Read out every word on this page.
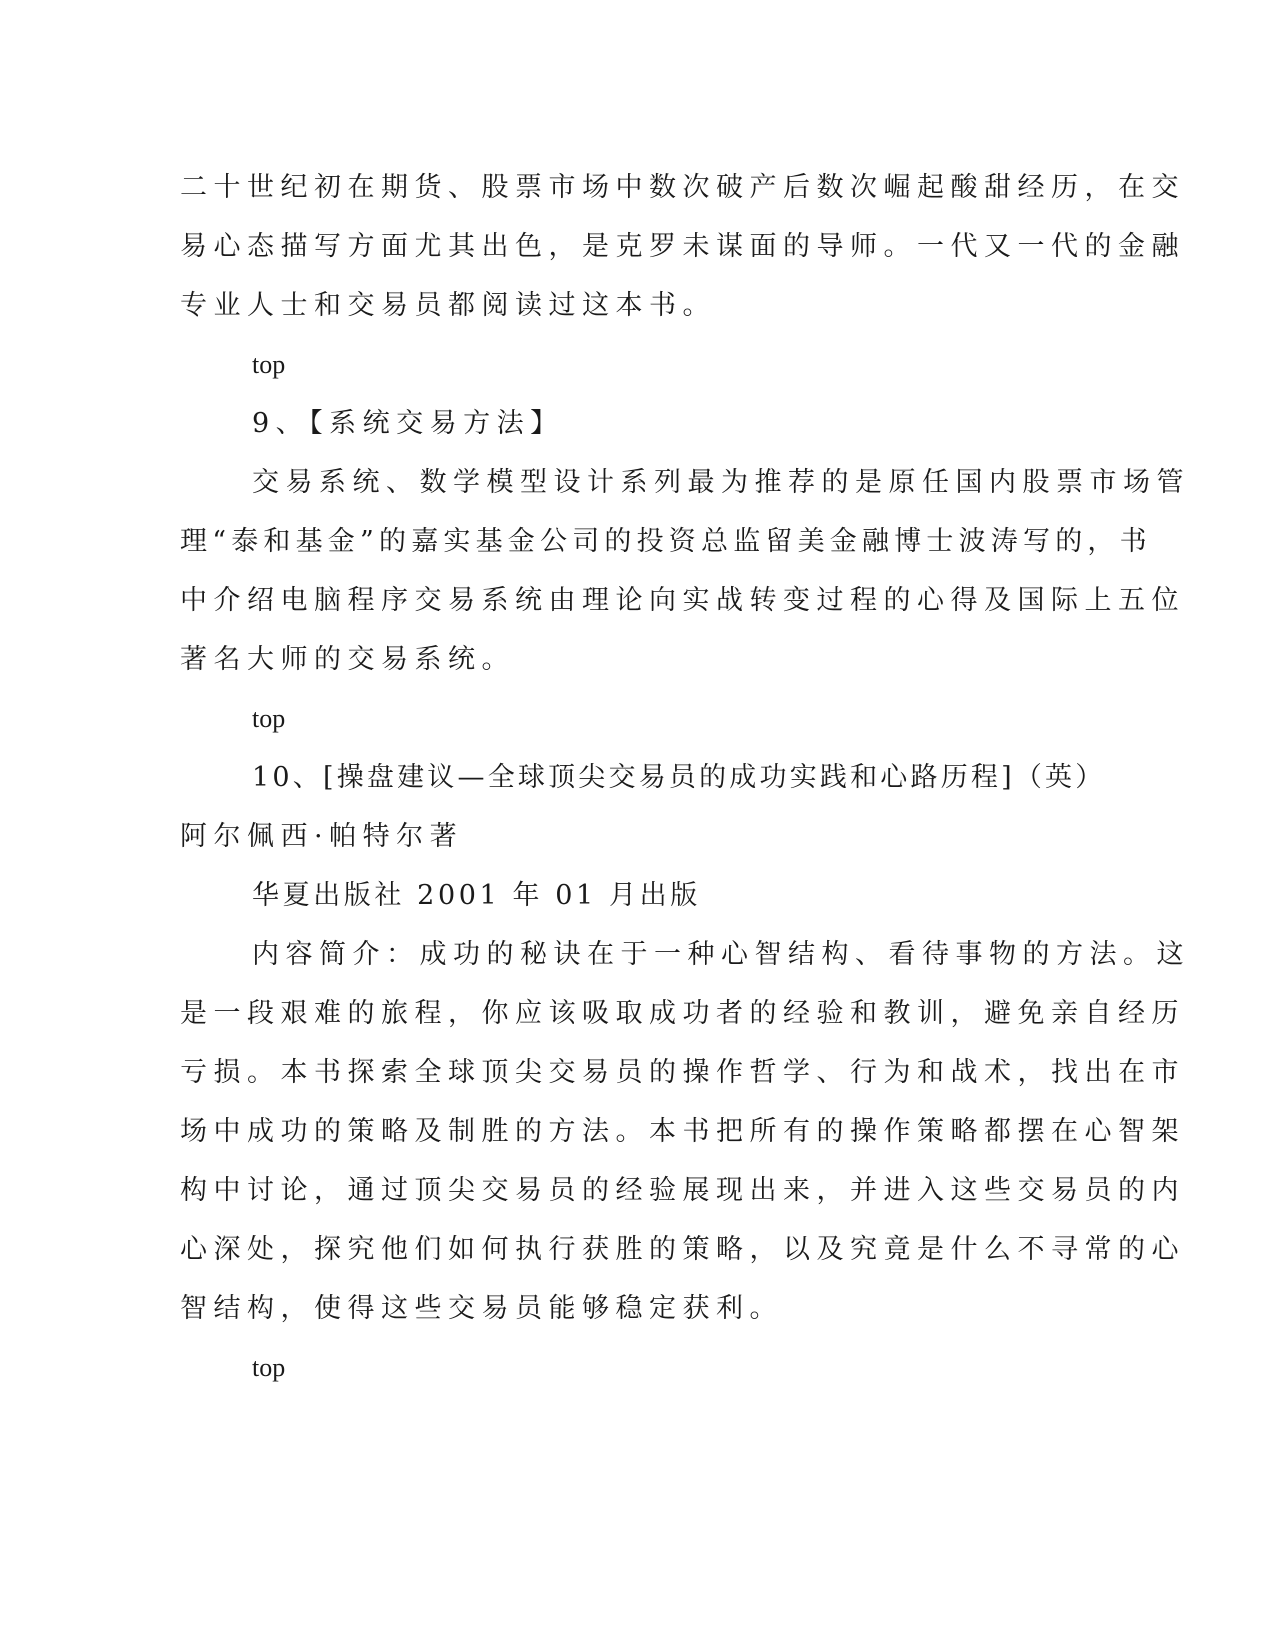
二十世纪初在期货、股票市场中数次破产后数次崛起酸甜经历，在交
易心态描写方面尤其出色，是克罗未谋面的导师。一代又一代的金融
专业人士和交易员都阅读过这本书。
top
9、【系统交易方法】
交易系统、数学模型设计系列最为推荐的是原任国内股票市场管
理“泰和基金”的嘉实基金公司的投资总监留美金融博士波涛写的，书
中介绍电脑程序交易系统由理论向实战转变过程的心得及国际上五位
著名大师的交易系统。
top
10、[操盘建议—全球顶尖交易员的成功实践和心路历程]（英）
阿尔佩西·帕特尔著
华夏出版社 2001 年 01 月出版
内容简介：成功的秘诀在于一种心智结构、看待事物的方法。这
是一段艰难的旅程，你应该吸取成功者的经验和教训，避免亲自经历
亏损。本书探索全球顶尖交易员的操作哲学、行为和战术，找出在市
场中成功的策略及制胜的方法。本书把所有的操作策略都摆在心智架
构中讨论，通过顶尖交易员的经验展现出来，并进入这些交易员的内
心深处，探究他们如何执行获胜的策略，以及究竟是什么不寻常的心
智结构，使得这些交易员能够稳定获利。
top
